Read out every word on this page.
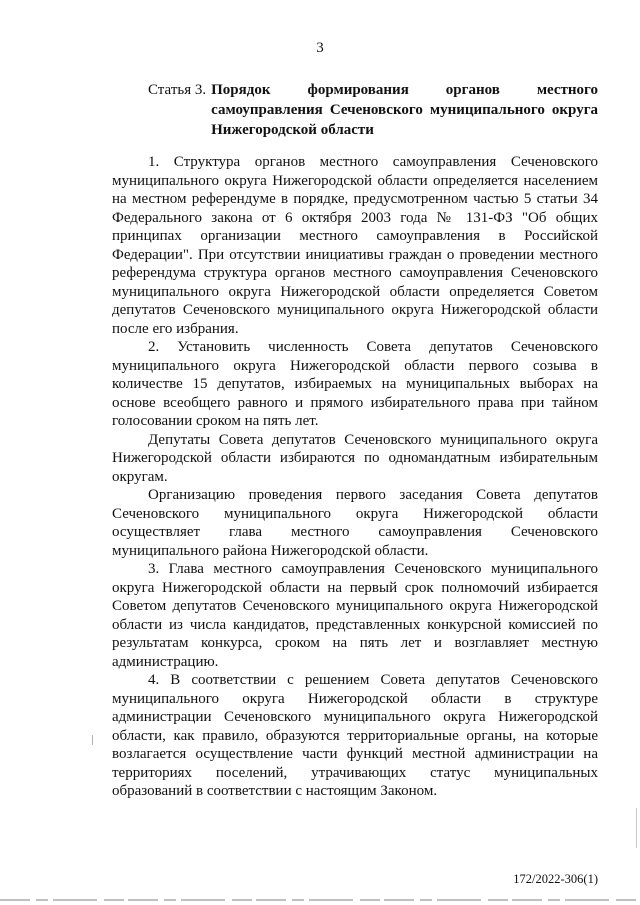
3
Статья 3. Порядок формирования органов местного самоуправления Сеченовского муниципального округа Нижегородской области

1. Структура органов местного самоуправления Сеченовского муниципального округа Нижегородской области определяется населением на местном референдуме в порядке, предусмотренном частью 5 статьи 34 Федерального закона от 6 октября 2003 года № 131-ФЗ "Об общих принципах организации местного самоуправления в Российской Федерации". При отсутствии инициативы граждан о проведении местного референдума структура органов местного самоуправления Сеченовского муниципального округа Нижегородской области определяется Советом депутатов Сеченовского муниципального округа Нижегородской области после его избрания.

2. Установить численность Совета депутатов Сеченовского муниципального округа Нижегородской области первого созыва в количестве 15 депутатов, избираемых на муниципальных выборах на основе всеобщего равного и прямого избирательного права при тайном голосовании сроком на пять лет.

Депутаты Совета депутатов Сеченовского муниципального округа Нижегородской области избираются по одномандатным избирательным округам.

Организацию проведения первого заседания Совета депутатов Сеченовского муниципального округа Нижегородской области осуществляет глава местного самоуправления Сеченовского муниципального района Нижегородской области.

3. Глава местного самоуправления Сеченовского муниципального округа Нижегородской области на первый срок полномочий избирается Советом депутатов Сеченовского муниципального округа Нижегородской области из числа кандидатов, представленных конкурсной комиссией по результатам конкурса, сроком на пять лет и возглавляет местную администрацию.

4. В соответствии с решением Совета депутатов Сеченовского муниципального округа Нижегородской области в структуре администрации Сеченовского муниципального округа Нижегородской области, как правило, образуются территориальные органы, на которые возлагается осуществление части функций местной администрации на территориях поселений, утрачивающих статус муниципальных образований в соответствии с настоящим Законом.

172/2022-306(1)
